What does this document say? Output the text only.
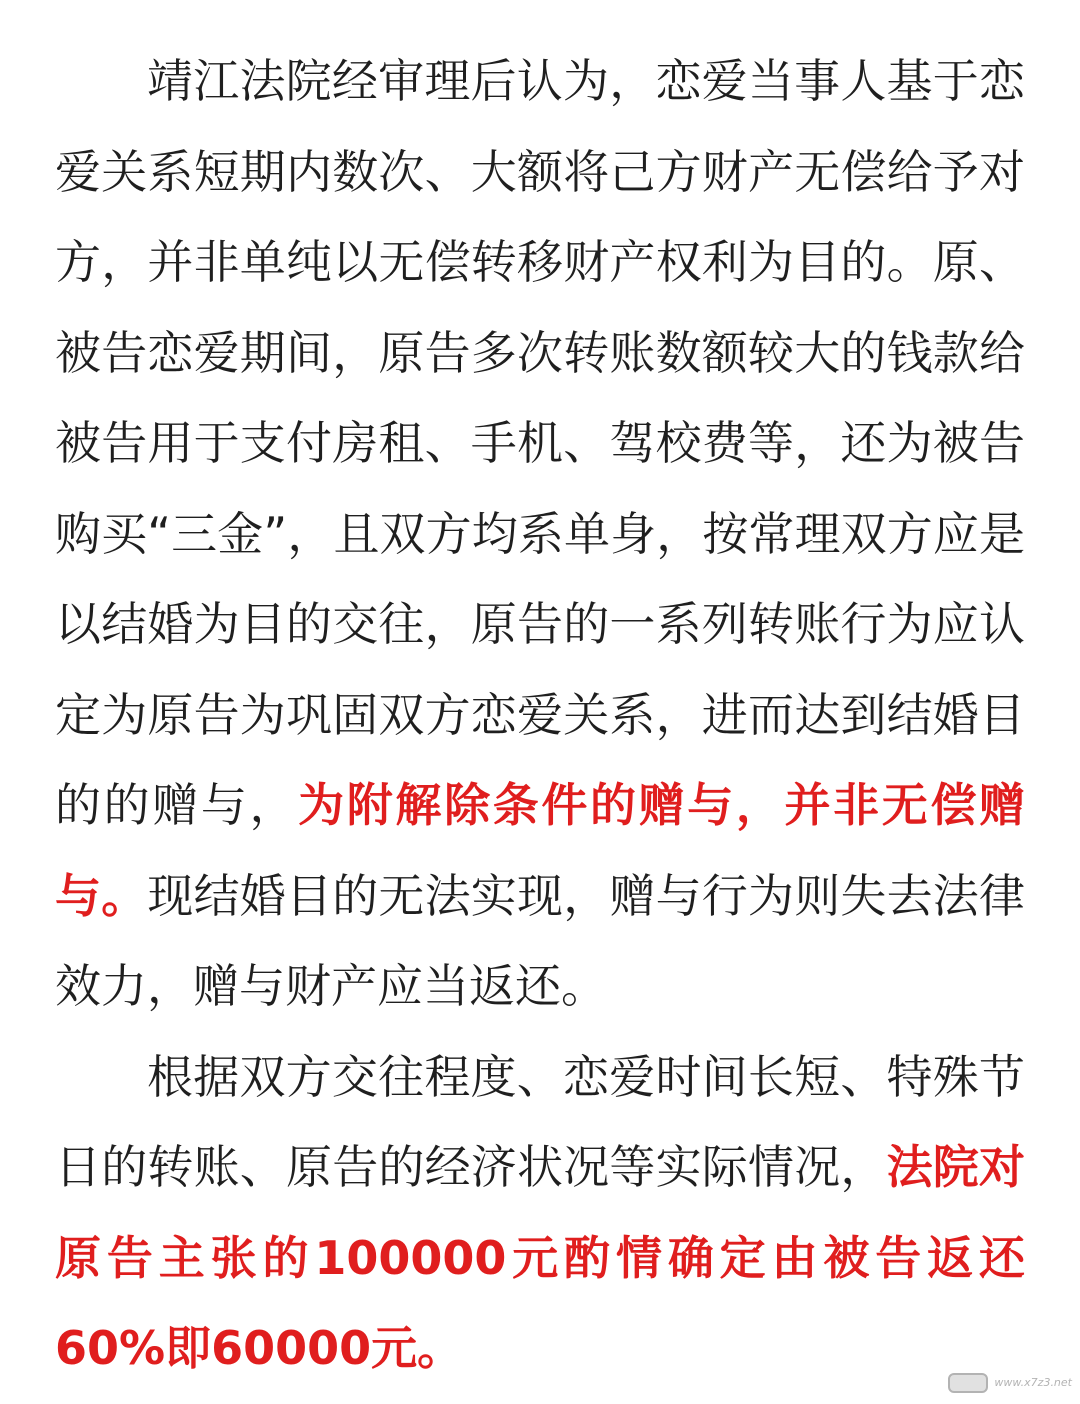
靖江法院经审理后认为，恋爱当事人基于恋爱关系短期内数次、大额将己方财产无偿给予对方，并非单纯以无偿转移财产权利为目的。原、被告恋爱期间，原告多次转账数额较大的钱款给被告用于支付房租、手机、驾校费等，还为被告购买“三金”，且双方均系单身，按常理双方应是以结婚为目的交往，原告的一系列转账行为应认定为原告为巩固双方恋爱关系，进而达到结婚目的的赠与，为附解除条件的赠与，并非无偿赠与。现结婚目的无法实现，赠与行为则失去法律效力，赠与财产应当返还。

根据双方交往程度、恋爱时间长短、特殊节日的转账、原告的经济状况等实际情况，法院对原告主张的100000元酌情确定由被告返还60%即60000元。

www.x7z3.net
